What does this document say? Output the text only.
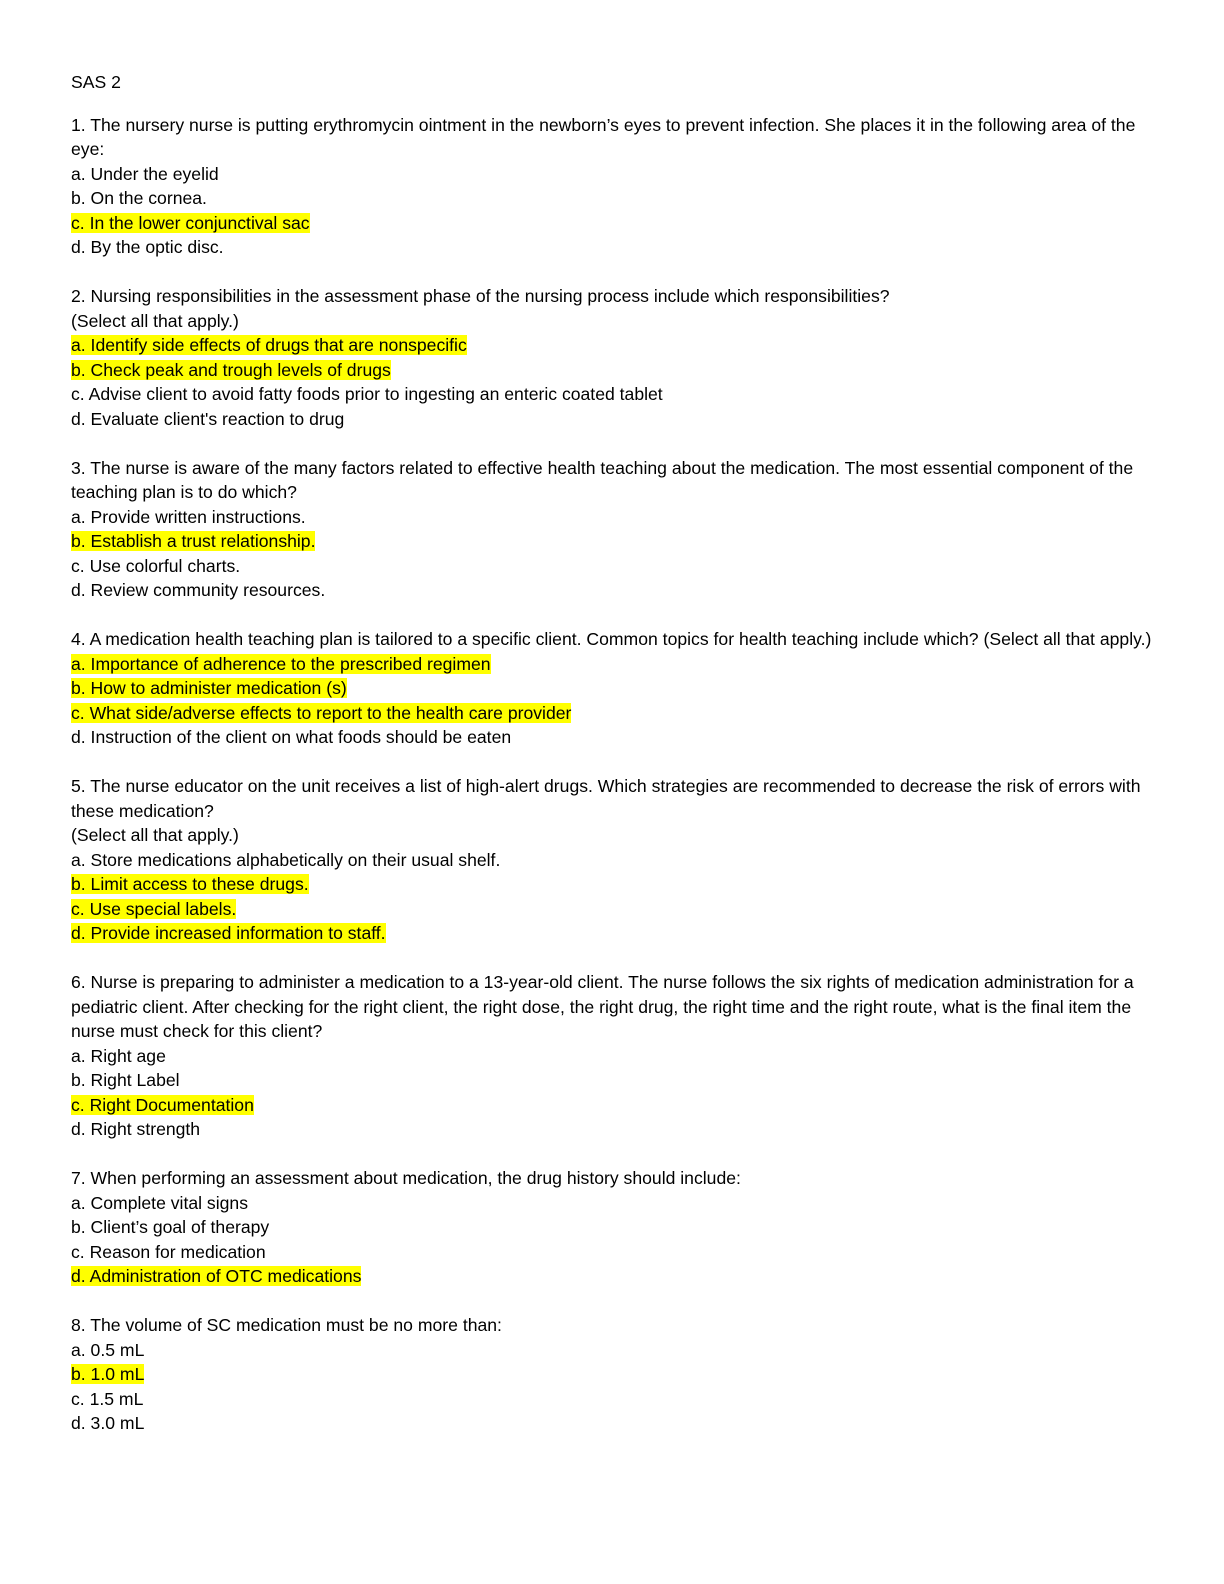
SAS 2
1. The nursery nurse is putting erythromycin ointment in the newborn’s eyes to prevent infection. She places it in the following area of the eye:
a. Under the eyelid
b. On the cornea.
c. In the lower conjunctival sac
d. By the optic disc.
2. Nursing responsibilities in the assessment phase of the nursing process include which responsibilities?
(Select all that apply.)
a. Identify side effects of drugs that are nonspecific
b. Check peak and trough levels of drugs
c. Advise client to avoid fatty foods prior to ingesting an enteric coated tablet
d. Evaluate client's reaction to drug
3. The nurse is aware of the many factors related to effective health teaching about the medication. The most essential component of the teaching plan is to do which?
a. Provide written instructions.
b. Establish a trust relationship.
c. Use colorful charts.
d. Review community resources.
4. A medication health teaching plan is tailored to a specific client. Common topics for health teaching include which? (Select all that apply.)
a. Importance of adherence to the prescribed regimen
b. How to administer medication (s)
c. What side/adverse effects to report to the health care provider
d. Instruction of the client on what foods should be eaten
5. The nurse educator on the unit receives a list of high-alert drugs. Which strategies are recommended to decrease the risk of errors with these medication?
(Select all that apply.)
a. Store medications alphabetically on their usual shelf.
b. Limit access to these drugs.
c. Use special labels.
d. Provide increased information to staff.
6. Nurse is preparing to administer a medication to a 13-year-old client. The nurse follows the six rights of medication administration for a pediatric client. After checking for the right client, the right dose, the right drug, the right time and the right route, what is the final item the nurse must check for this client?
a. Right age
b. Right Label
c. Right Documentation
d. Right strength
7. When performing an assessment about medication, the drug history should include:
a. Complete vital signs
b. Client’s goal of therapy
c. Reason for medication
d. Administration of OTC medications
8. The volume of SC medication must be no more than:
a. 0.5 mL
b. 1.0 mL
c. 1.5 mL
d. 3.0 mL
